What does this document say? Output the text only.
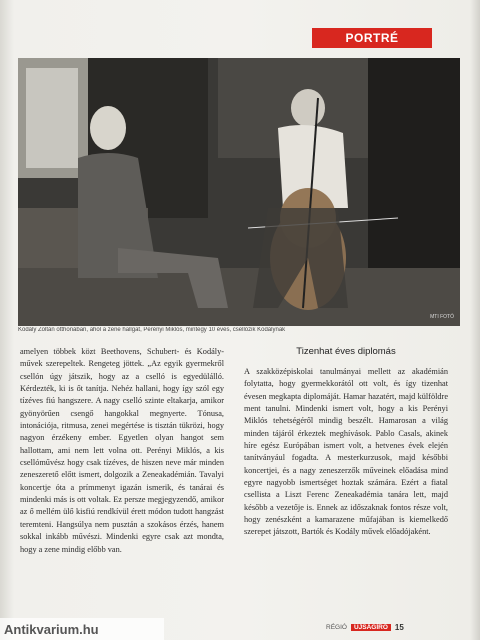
PORTRÉ
MTI FOTÓ
Kodály Zoltán otthonában, ahol a zene hallgat, Perényi Miklós, mintegy 10 éves, csellózik Kodálynak

amelyen többek közt Beethovens, Schubert- és Kodály-művek szerepeltek. Rengeteg jöttek. „Az egyik gyermekről csellón úgy játszik, hogy az a cselló is egyedülálló. Kérdezték, ki is őt tanítja. Nehéz hallani, hogy így szól egy tízéves fiú hangszere. A nagy cselló szinte eltakarja, amikor gyönyörűen csengő hangokkal megnyerte. Tónusa, intonációja, ritmusa, zenei megértése is tisztán tükrözi, hogy nagyon érzékeny ember. Egyetlen olyan hangot sem hallottam, ami nem lett volna ott. Perényi Miklós, a kis csellóművész hogy csak tízéves, de hiszen neve már minden zeneszerető előtt ismert, dolgozik a Zeneakadémián. Tavalyi koncertje óta a prímmenyt igazán ismerik, és tanárai és mindenki más is ott voltak. Ez persze megjegyzendő, amikor az ő mellém ülő kisfiú rendkívül érett módon tudott hangzást teremteni. Hangsúlya nem pusztán a szokásos érzés, hanem sokkal inkább művészi. Mindenki egyre csak azt mondta, hogy a zene mindig előbb van.

Tizenhat éves diplomás

A szakközépiskolai tanulmányai mellett az akadémián folytatta, hogy gyermekkorától ott volt, és így tizenhat évesen megkapta diplomáját. Hamar hazatért, majd külföldre ment tanulni. Mindenki ismert volt, hogy a kis Perényi Miklós tehetségéről mindig beszélt. Hamarosan a világ minden tájáról érkeztek meghívások. Pablo Casals, akinek híre egész Európában ismert volt, a hetvenes évek elején tanítványául fogadta. A mesterkurzusok, majd későbbi koncertjei, és a nagy zeneszerzők műveinek előadása mind egyre nagyobb ismertséget hoztak számára. Ezért a fiatal csellista a Liszt Ferenc Zeneakadémia tanára lett, majd később a vezetője is. Ennek az időszaknak fontos része volt, hogy zenészként a kamarazene műfajában is kiemelkedő szerepet játszott, Bartók és Kodály művek előadójaként.

RÉGIÓ	ÚJSÁGÍRÓ 15
Antikvarium.hu
